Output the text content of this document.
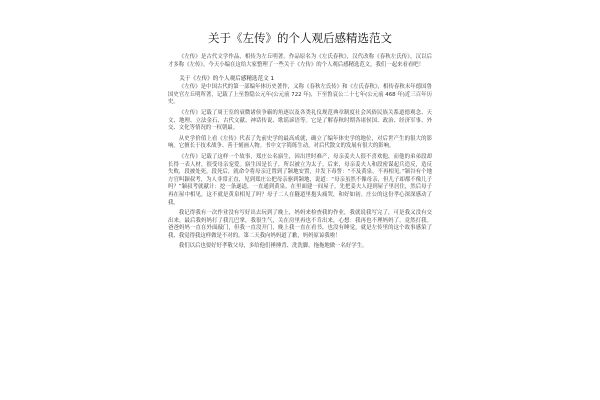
关于《左传》的个人观后感精选范文

《左传》是古代文学作品，相传为左丘明著。作品原名为《左氏春秋》，汉代改称《春秋左氏传》，汉以后才多称《左传》。今天小编在这给大家整理了一些关于《左传》的个人观后感精选范文，我们一起来看看吧！

关于《左传》的个人观后感精选范文 1

《左传》是中国古代的第一部编年体历史著作，又称《春秋左氏传》和《左氏春秋》，相传春秋末年德国鲁国史官左丘明所著，记载了上至鲁隐公元年(公元前 722 年)，下至鲁哀公二十七年(公元前 468 年)近三百年历史。

《左传》记载了周王室的衰微诸侯争霸的角逐以及各类礼仪规范典章制度社会风俗民族关系道德观念、天文、地理、立法金石、古代文献、神话传说、歌谣谚语等。它是了解春秋时期各诸侯国、政治、经济军事、外交、文化等情况的一权朝最。

从史学价值上看《左传》代表了先前史学的最高成就，确立了编年体史学的地位，对后世产生的很大的影响。它擅长于技术战争、善于刻画人物。书中文字简练生动，对后代散文的发展有很大的影响。

《左传》记载了这样一个故事，郑庄公名寤生，因出世时难产，母亲姜夫人很不喜欢他，而他的弟弟段却长得一表人材，很受母亲宠爱。寤生因是长子，所以被立为太子。后来，母亲姜夫人和段密谋起兵造反，造反失败，段被处死，段死后，就命令将母亲迁置到了颍地安置，并发下毒誓：“不及黄泉，不再相见。”颍谷有个地方官叫颖叔考，为人非常正直，见到郑庄公把母亲驱到颍地，说道：“母亲虽然不像母亲，但儿子却都不像儿子吗？”颖叔考就献计：挖一条遂道，一直通到黄泉，在里面建一间屋子，先把姜夫人迎到屋子里居住，然后母子再在屋中相见，这不就是黄泉相见了吗？母子二人在隧道里抱头痛哭，和好如初。庄公的这份孝心深深感动了我。

我记得我有一次作业没有写好出去玩到了晚上，妈妈来检查我的作业，我就说我写完了，可是我又没有交出来，最后我妈妈打了我几巴掌，我很生气，关在房里再也不肯出来，心想：我再也不理妈妈了，竟然打我。爸爸妈妈一直在外面敲门，但我一直没开门，晚上我一直在看书，也没有睡觉，就是左传里的这个故事感染了我，我觉得我这样做是不对的。第二天我向妈妈道了歉，妈妈原谅我啦！

我们以后也要好好孝敬父母，多给他们捶捶背、洗洗脚，拖拖地做一名好学生。
